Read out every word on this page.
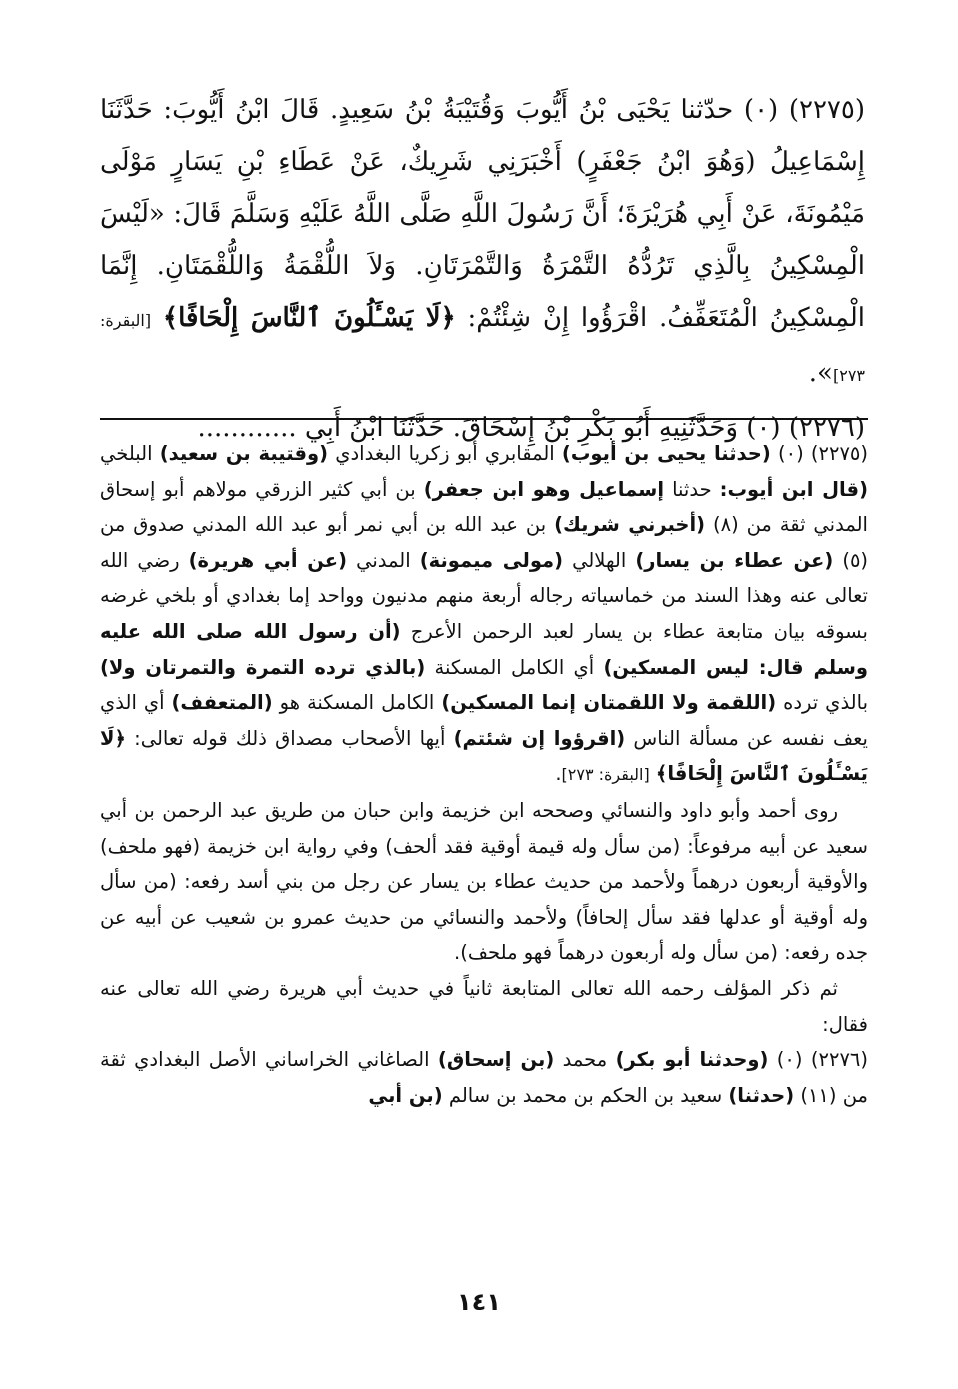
(٢٢٧٥) (٠) حدّثنا يَحْيَى بْنُ أَيُّوبَ وَقُتَيْبَةُ بْنُ سَعِيدٍ. قَالَ ابْنُ أَيُّوبَ: حَدَّثَنَا إِسْمَاعِيلُ (وَهُوَ ابْنُ جَعْفَرٍ) أَخْبَرَنِي شَرِيكٌ، عَنْ عَطَاءِ بْنِ يَسَارٍ مَوْلَى مَيْمُونَةَ، عَنْ أَبِي هُرَيْرَةَ؛ أَنَّ رَسُولَ اللَّهِ صَلَّى اللَّهُ عَلَيْهِ وَسَلَّمَ قَالَ: «لَيْسَ الْمِسْكِينُ بِالَّذِي تَرُدُّهُ التَّمْرَةُ وَالتَّمْرَتَانِ. وَلاَ اللُّقْمَةُ وَاللُّقْمَتَانِ. إِنَّمَا الْمِسْكِينُ الْمُتَعَفِّفُ. اقْرَؤُوا إِنْ شِئْتُمْ: ﴿لَا يَسْـَٔلُونَ ٱلنَّاسَ إِلْحَافًا﴾ [البقرة: ٢٧٣]».

(٢٢٧٦) (٠) وَحَدَّثَنِيهِ أَبُو بَكْرِ بْنُ إِسْحَاقَ. حَدَّثَنَا ابْنُ أَبِي ............

(٢٢٧٥) (٠) (حدثنا يحيى بن أيوب) المقابري أبو زكريا البغدادي (وقتيبة بن سعيد) البلخي (قال ابن أيوب: حدثنا إسماعيل وهو ابن جعفر) بن أبي كثير الزرقي مولاهم أبو إسحاق المدني ثقة من (٨) (أخبرني شريك) بن عبد الله بن أبي نمر أبو عبد الله المدني صدوق من (٥) (عن عطاء بن يسار) الهلالي (مولى ميمونة) المدني (عن أبي هريرة) رضي الله تعالى عنه وهذا السند من خماسياته رجاله أربعة منهم مدنيون وواحد إما بغدادي أو بلخي غرضه بسوقه بيان متابعة عطاء بن يسار لعبد الرحمن الأعرج (أن رسول الله صلى الله عليه وسلم قال: ليس المسكين) أي الكامل المسكنة (بالذي ترده التمرة والتمرتان ولا) بالذي ترده (اللقمة ولا اللقمتان إنما المسكين) الكامل المسكنة هو (المتعفف) أي الذي يعف نفسه عن مسألة الناس (اقرؤوا إن شئتم) أيها الأصحاب مصداق ذلك قوله تعالى: ﴿لَا يَسْـَٔلُونَ ٱلنَّاسَ إِلْحَافًا﴾ [البقرة: ٢٧٣].

روى أحمد وأبو داود والنسائي وصححه ابن خزيمة وابن حبان من طريق عبد الرحمن بن أبي سعيد عن أبيه مرفوعاً: (من سأل وله قيمة أوقية فقد ألحف) وفي رواية ابن خزيمة (فهو ملحف) والأوقية أربعون درهماً ولأحمد من حديث عطاء بن يسار عن رجل من بني أسد رفعه: (من سأل وله أوقية أو عدلها فقد سأل إلحافاً) ولأحمد والنسائي من حديث عمرو بن شعيب عن أبيه عن جده رفعه: (من سأل وله أربعون درهماً فهو ملحف).

ثم ذكر المؤلف رحمه الله تعالى المتابعة ثانياً في حديث أبي هريرة رضي الله تعالى عنه فقال:

(٢٢٧٦) (٠) (وحدثنا أبو بكر) محمد (بن إسحاق) الصاغاني الخراساني الأصل البغدادي ثقة من (١١) (حدثنا) سعيد بن الحكم بن محمد بن سالم (بن أبي

١٤١
